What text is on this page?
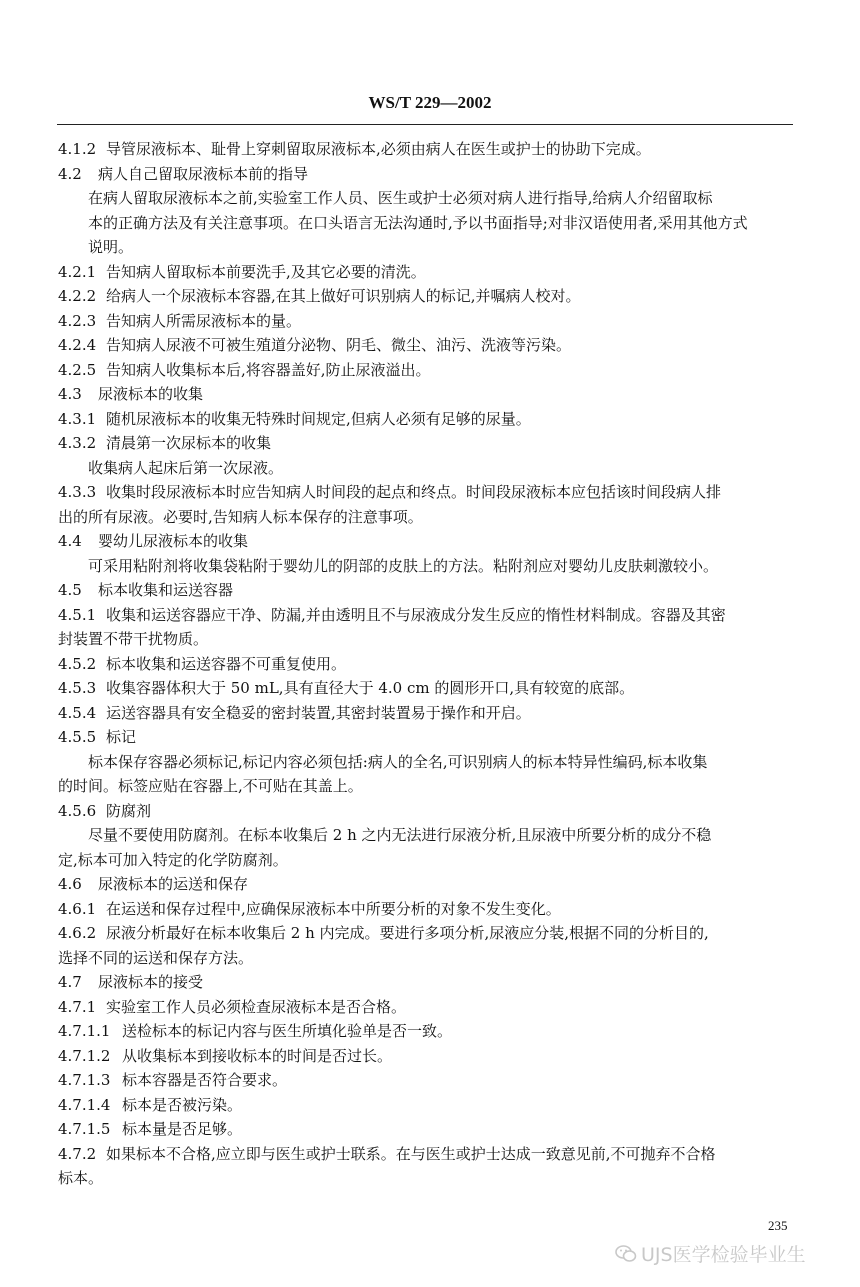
WS/T 229—2002
4.1.2 导管尿液标本、耻骨上穿刺留取尿液标本,必须由病人在医生或护士的协助下完成。
4.2 病人自己留取尿液标本前的指导
在病人留取尿液标本之前,实验室工作人员、医生或护士必须对病人进行指导,给病人介绍留取标
本的正确方法及有关注意事项。在口头语言无法沟通时,予以书面指导;对非汉语使用者,采用其他方式
说明。
4.2.1 告知病人留取标本前要洗手,及其它必要的清洗。
4.2.2 给病人一个尿液标本容器,在其上做好可识别病人的标记,并嘱病人校对。
4.2.3 告知病人所需尿液标本的量。
4.2.4 告知病人尿液不可被生殖道分泌物、阴毛、微尘、油污、洗液等污染。
4.2.5 告知病人收集标本后,将容器盖好,防止尿液溢出。
4.3 尿液标本的收集
4.3.1 随机尿液标本的收集无特殊时间规定,但病人必须有足够的尿量。
4.3.2 清晨第一次尿标本的收集
收集病人起床后第一次尿液。
4.3.3 收集时段尿液标本时应告知病人时间段的起点和终点。时间段尿液标本应包括该时间段病人排
出的所有尿液。必要时,告知病人标本保存的注意事项。
4.4 婴幼儿尿液标本的收集
可采用粘附剂将收集袋粘附于婴幼儿的阴部的皮肤上的方法。粘附剂应对婴幼儿皮肤刺激较小。
4.5 标本收集和运送容器
4.5.1 收集和运送容器应干净、防漏,并由透明且不与尿液成分发生反应的惰性材料制成。容器及其密
封装置不带干扰物质。
4.5.2 标本收集和运送容器不可重复使用。
4.5.3 收集容器体积大于 50 mL,具有直径大于 4.0 cm 的圆形开口,具有较宽的底部。
4.5.4 运送容器具有安全稳妥的密封装置,其密封装置易于操作和开启。
4.5.5 标记
标本保存容器必须标记,标记内容必须包括:病人的全名,可识别病人的标本特异性编码,标本收集
的时间。标签应贴在容器上,不可贴在其盖上。
4.5.6 防腐剂
尽量不要使用防腐剂。在标本收集后 2 h 之内无法进行尿液分析,且尿液中所要分析的成分不稳
定,标本可加入特定的化学防腐剂。
4.6 尿液标本的运送和保存
4.6.1 在运送和保存过程中,应确保尿液标本中所要分析的对象不发生变化。
4.6.2 尿液分析最好在标本收集后 2 h 内完成。要进行多项分析,尿液应分装,根据不同的分析目的,
选择不同的运送和保存方法。
4.7 尿液标本的接受
4.7.1 实验室工作人员必须检查尿液标本是否合格。
4.7.1.1 送检标本的标记内容与医生所填化验单是否一致。
4.7.1.2 从收集标本到接收标本的时间是否过长。
4.7.1.3 标本容器是否符合要求。
4.7.1.4 标本是否被污染。
4.7.1.5 标本量是否足够。
4.7.2 如果标本不合格,应立即与医生或护士联系。在与医生或护士达成一致意见前,不可抛弃不合格
标本。
235
UJS医学检验毕业生
